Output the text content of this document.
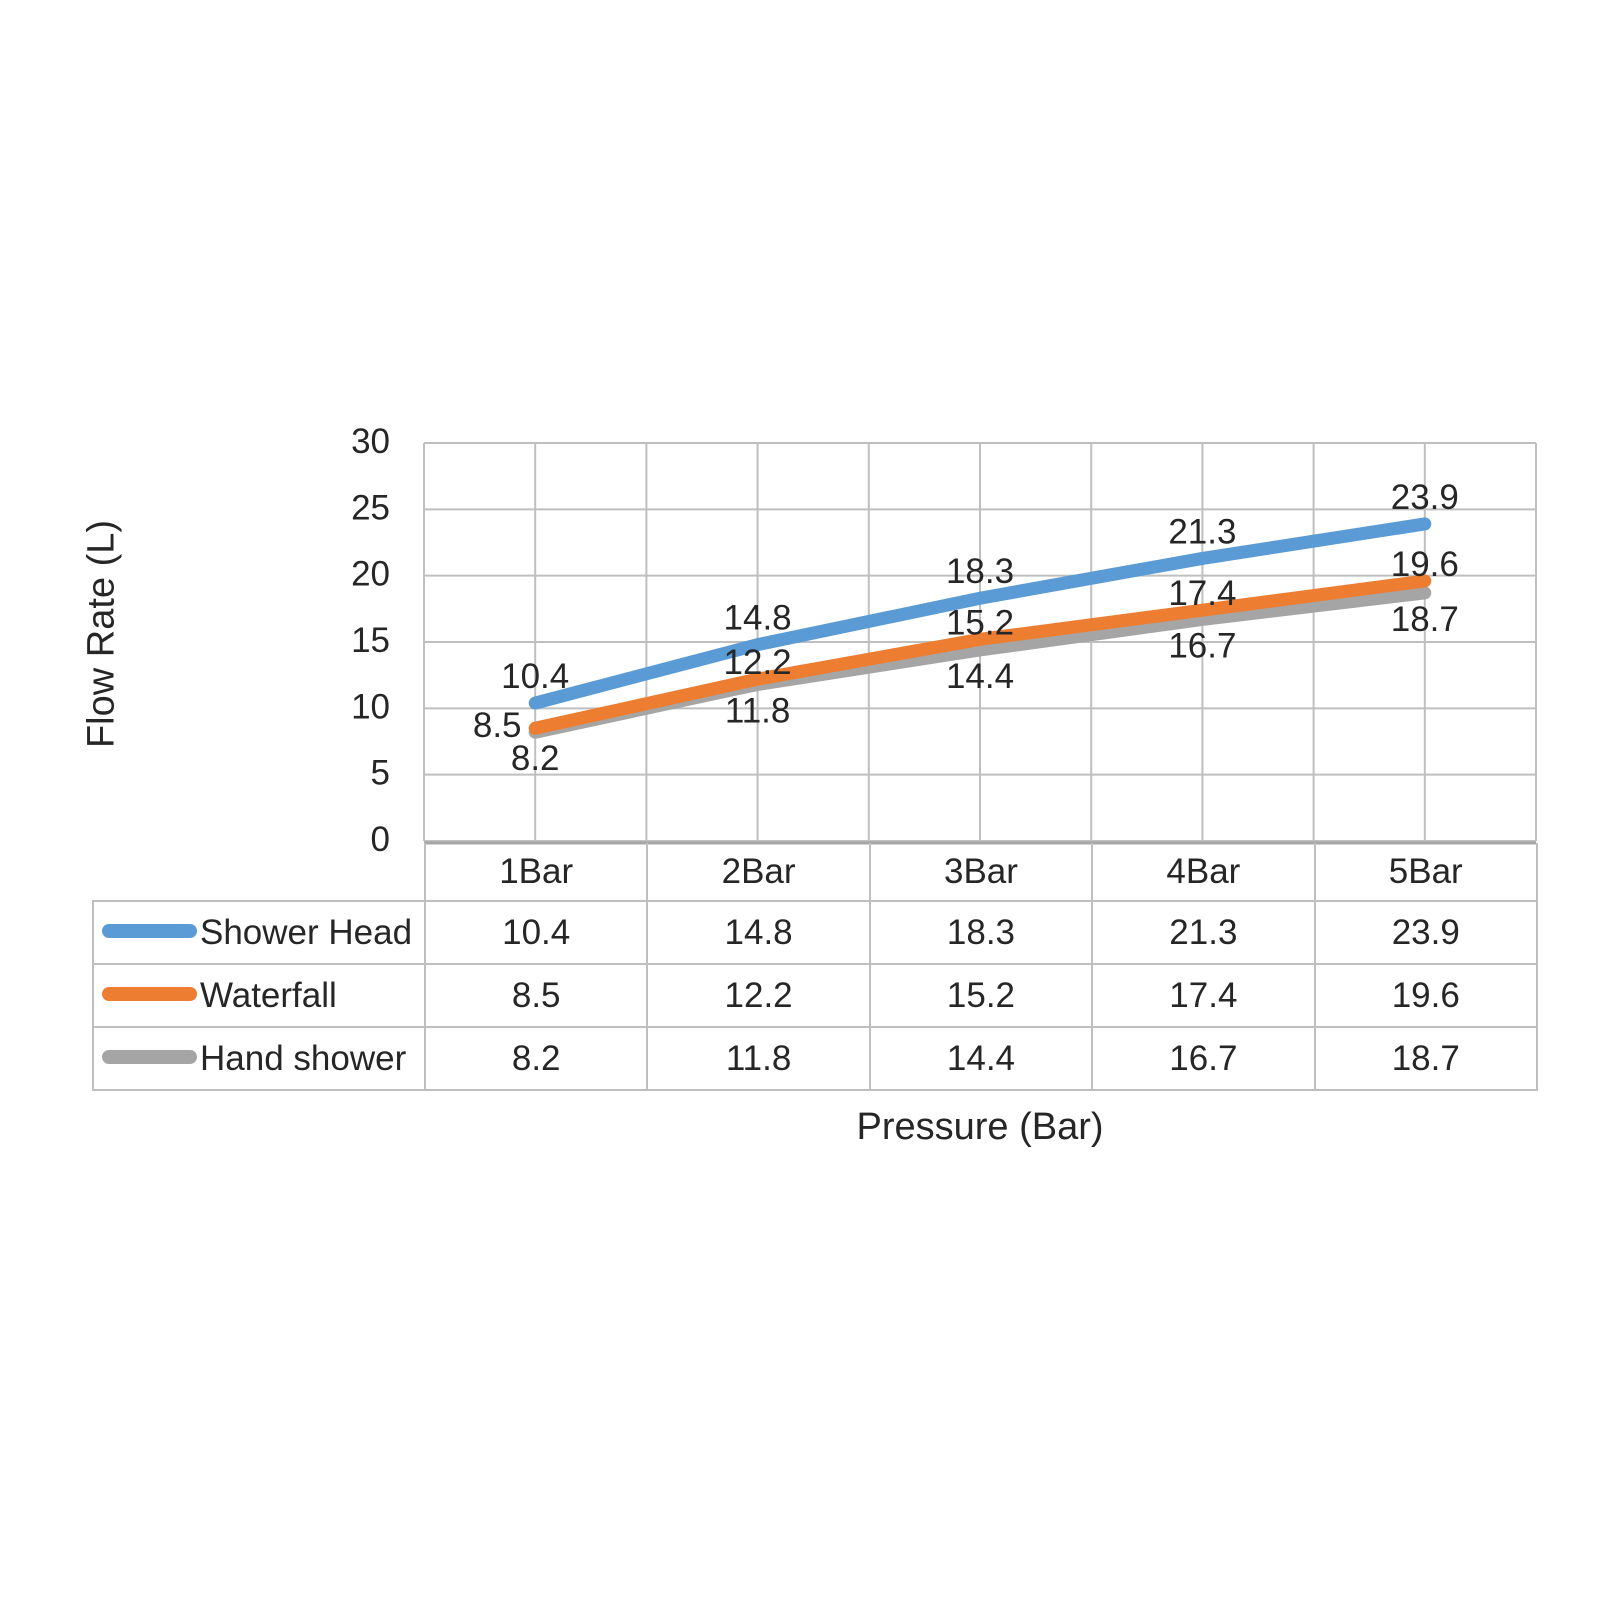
0
5
10
15
20
25
30
10.4
14.8
18.3
21.3
23.9
8.5
12.2
15.2
17.4
19.6
8.2
11.8
14.4
16.7
18.7
	1Bar	2Bar	3Bar	4Bar	5Bar
Shower Head	10.4	14.8	18.3	21.3	23.9
Waterfall	8.5	12.2	15.2	17.4	19.6
Hand shower	8.2	11.8	14.4	16.7	18.7
Flow Rate (L)
Pressure (Bar)
